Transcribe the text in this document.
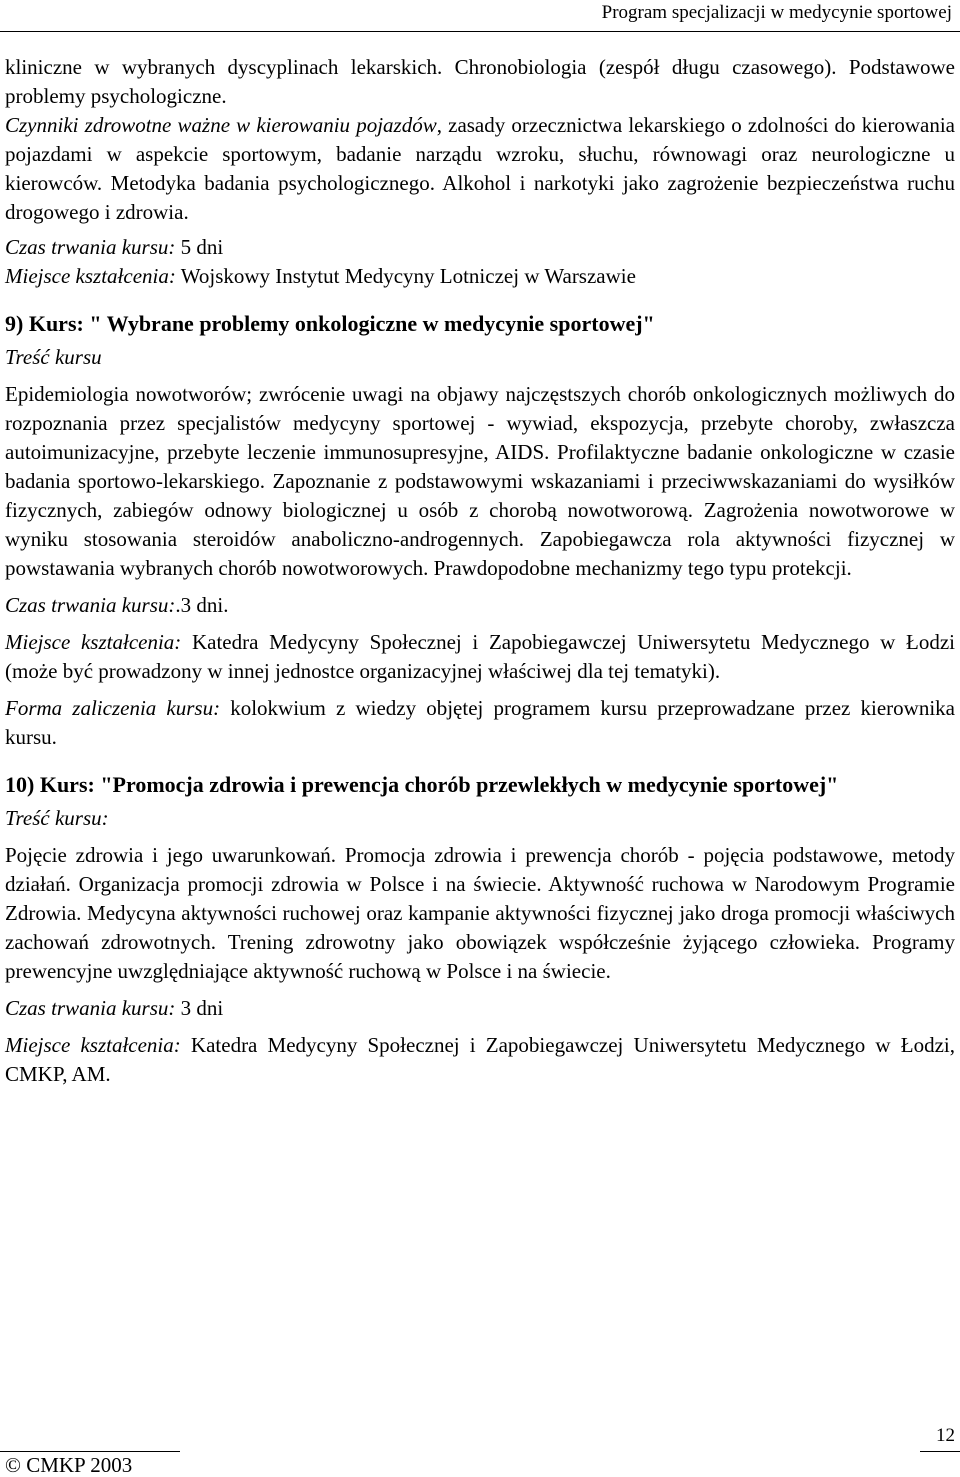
Program specjalizacji w medycynie sportowej

kliniczne w wybranych dyscyplinach lekarskich. Chronobiologia (zespół długu czasowego). Podstawowe problemy psychologiczne.

Czynniki zdrowotne ważne w kierowaniu pojazdów, zasady orzecznictwa lekarskiego o zdolności do kierowania pojazdami w aspekcie sportowym, badanie narządu wzroku, słuchu, równowagi oraz neurologiczne u kierowców. Metodyka badania psychologicznego. Alkohol i narkotyki jako zagrożenie bezpieczeństwa ruchu drogowego i zdrowia.

Czas trwania kursu: 5 dni

Miejsce kształcenia: Wojskowy Instytut Medycyny Lotniczej w Warszawie

9) Kurs: " Wybrane problemy onkologiczne w medycynie sportowej"

Treść kursu

Epidemiologia nowotworów; zwrócenie uwagi na objawy najczęstszych chorób onkologicznych możliwych do rozpoznania przez specjalistów medycyny sportowej - wywiad, ekspozycja, przebyte choroby, zwłaszcza autoimunizacyjne, przebyte leczenie immunosupresyjne, AIDS. Profilaktyczne badanie onkologiczne w czasie badania sportowo-lekarskiego. Zapoznanie z podstawowymi wskazaniami i przeciwwskazaniami do wysiłków fizycznych, zabiegów odnowy biologicznej u osób z chorobą nowotworową. Zagrożenia nowotworowe w wyniku stosowania steroidów anaboliczno-androgennych. Zapobiegawcza rola aktywności fizycznej w powstawania wybranych chorób nowotworowych. Prawdopodobne mechanizmy tego typu protekcji.

Czas trwania kursu:.3 dni.

Miejsce kształcenia: Katedra Medycyny Społecznej i Zapobiegawczej Uniwersytetu Medycznego w Łodzi (może być prowadzony w innej jednostce organizacyjnej właściwej dla tej tematyki).

Forma zaliczenia kursu: kolokwium z wiedzy objętej programem kursu przeprowadzane przez kierownika kursu.

10) Kurs: "Promocja zdrowia i prewencja chorób przewlekłych w medycynie sportowej"

Treść kursu:

Pojęcie zdrowia i jego uwarunkowań. Promocja zdrowia i prewencja chorób - pojęcia podstawowe, metody działań. Organizacja promocji zdrowia w Polsce i na świecie. Aktywność ruchowa w Narodowym Programie Zdrowia. Medycyna aktywności ruchowej oraz kampanie aktywności fizycznej jako droga promocji właściwych zachowań zdrowotnych. Trening zdrowotny jako obowiązek współcześnie żyjącego człowieka. Programy prewencyjne uwzględniające aktywność ruchową w Polsce i na świecie.

Czas trwania kursu: 3 dni

Miejsce kształcenia: Katedra Medycyny Społecznej i Zapobiegawczej Uniwersytetu Medycznego w Łodzi, CMKP, AM.

© CMKP 2003
12
